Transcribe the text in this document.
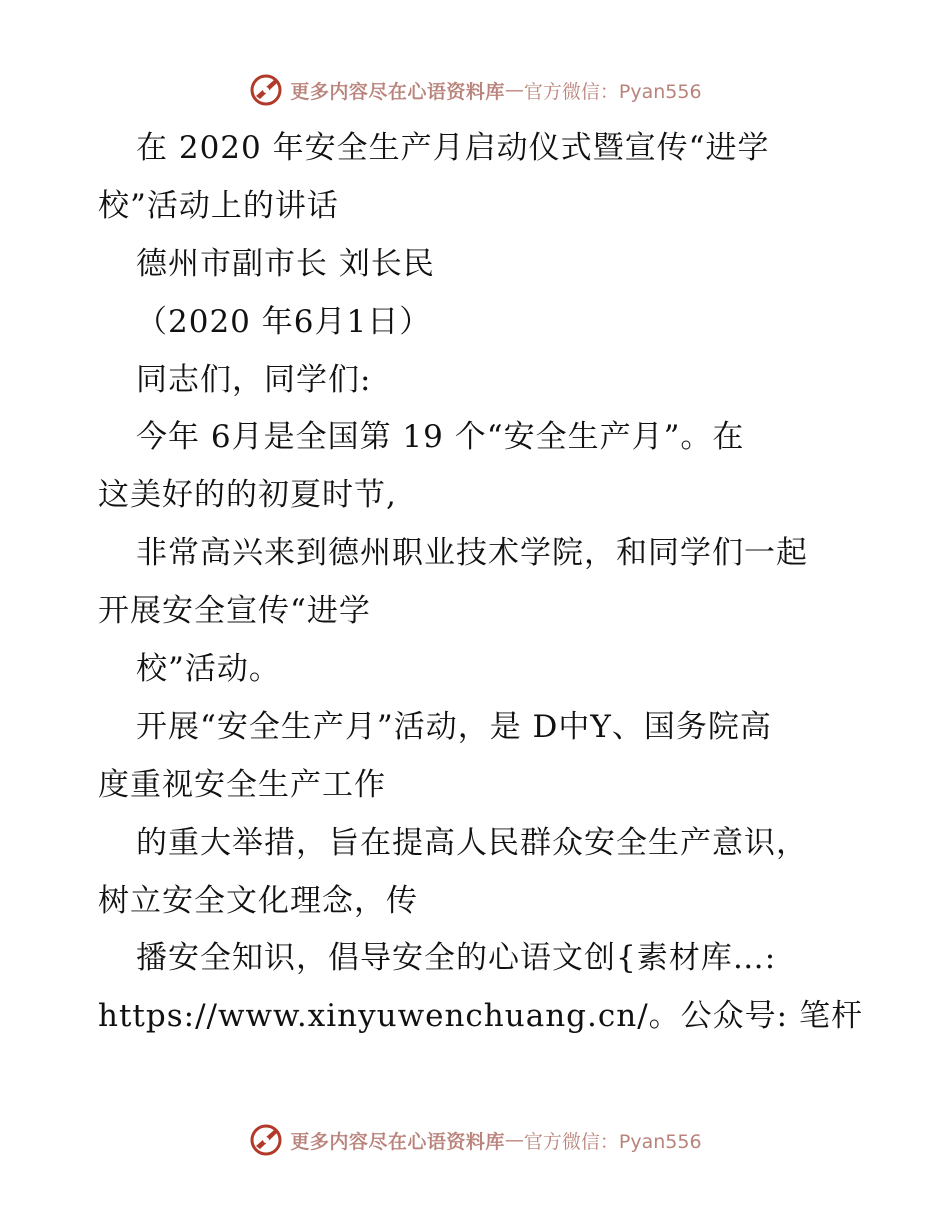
更多内容尽在心语资料库 — 官方微信：Pyan556
在 2020 年安全生产月启动仪式暨宣传“进学
校”活动上的讲话
德州市副市长 刘长民
（2020 年6月1日）
同志们，同学们:
今年 6月是全国第 19 个“安全生产月”。在
这美好的的初夏时节,
非常高兴来到德州职业技术学院，和同学们一起
开展安全宣传“进学
校”活动。
开展“安全生产月”活动，是 D中Y、国务院高
度重视安全生产工作
的重大举措，旨在提高人民群众安全生产意识，
树立安全文化理念，传
播安全知识，倡导安全的心语文创{素材库…:
https://www.xinyuwenchuang.cn/。公众号: 笔杆
更多内容尽在心语资料库 — 官方微信：Pyan556
